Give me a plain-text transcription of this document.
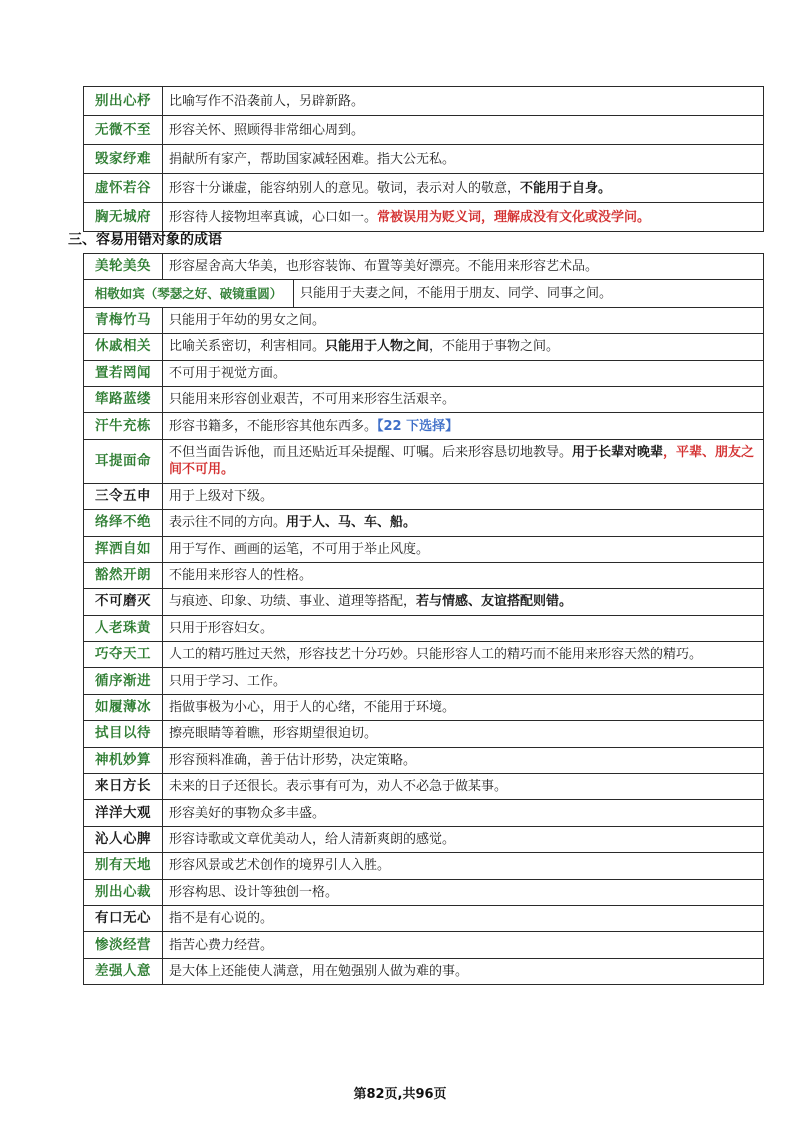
别出心杼	比喻写作不沿袭前人，另辟新路。
无微不至	形容关怀、照顾得非常细心周到。
毁家纾难	捐献所有家产，帮助国家减轻困难。指大公无私。
虚怀若谷	形容十分谦虚，能容纳别人的意见。敬词，表示对人的敬意，不能用于自身。
胸无城府	形容待人接物坦率真诚，心口如一。常被误用为贬义词，理解成没有文化或没学问。
三、容易用错对象的成语
美轮美奂	形容屋舍高大华美，也形容装饰、布置等美好漂亮。不能用来形容艺术品。

相敬如宾（琴瑟之好、破镜重圆）	只能用于夫妻之间，不能用于朋友、同学、同事之间。

青梅竹马	只能用于年幼的男女之间。
休戚相关	比喻关系密切，利害相同。只能用于人物之间，不能用于事物之间。
置若罔闻	不可用于视觉方面。
筚路蓝缕	只能用来形容创业艰苦，不可用来形容生活艰辛。
汗牛充栋	形容书籍多，不能形容其他东西多。【22 下选择】
耳提面命	不但当面告诉他，而且还贴近耳朵提醒、叮嘱。后来形容恳切地教导。用于长辈对晚辈，平辈、朋友之间不可用。
三令五申	用于上级对下级。
络绎不绝	表示往不同的方向。用于人、马、车、船。
挥洒自如	用于写作、画画的运笔，不可用于举止风度。
豁然开朗	不能用来形容人的性格。
不可磨灭	与痕迹、印象、功绩、事业、道理等搭配，若与情感、友谊搭配则错。
人老珠黄	只用于形容妇女。
巧夺天工	人工的精巧胜过天然，形容技艺十分巧妙。只能形容人工的精巧而不能用来形容天然的精巧。
循序渐进	只用于学习、工作。
如履薄冰	指做事极为小心，用于人的心绪，不能用于环境。
拭目以待	擦亮眼睛等着瞧，形容期望很迫切。
神机妙算	形容预料准确，善于估计形势，决定策略。
来日方长	未来的日子还很长。表示事有可为，劝人不必急于做某事。
洋洋大观	形容美好的事物众多丰盛。
沁人心脾	形容诗歌或文章优美动人，给人清新爽朗的感觉。
别有天地	形容风景或艺术创作的境界引人入胜。
别出心裁	形容构思、设计等独创一格。
有口无心	指不是有心说的。
惨淡经营	指苦心费力经营。
差强人意	是大体上还能使人满意，用在勉强别人做为难的事。
第82页,共96页
